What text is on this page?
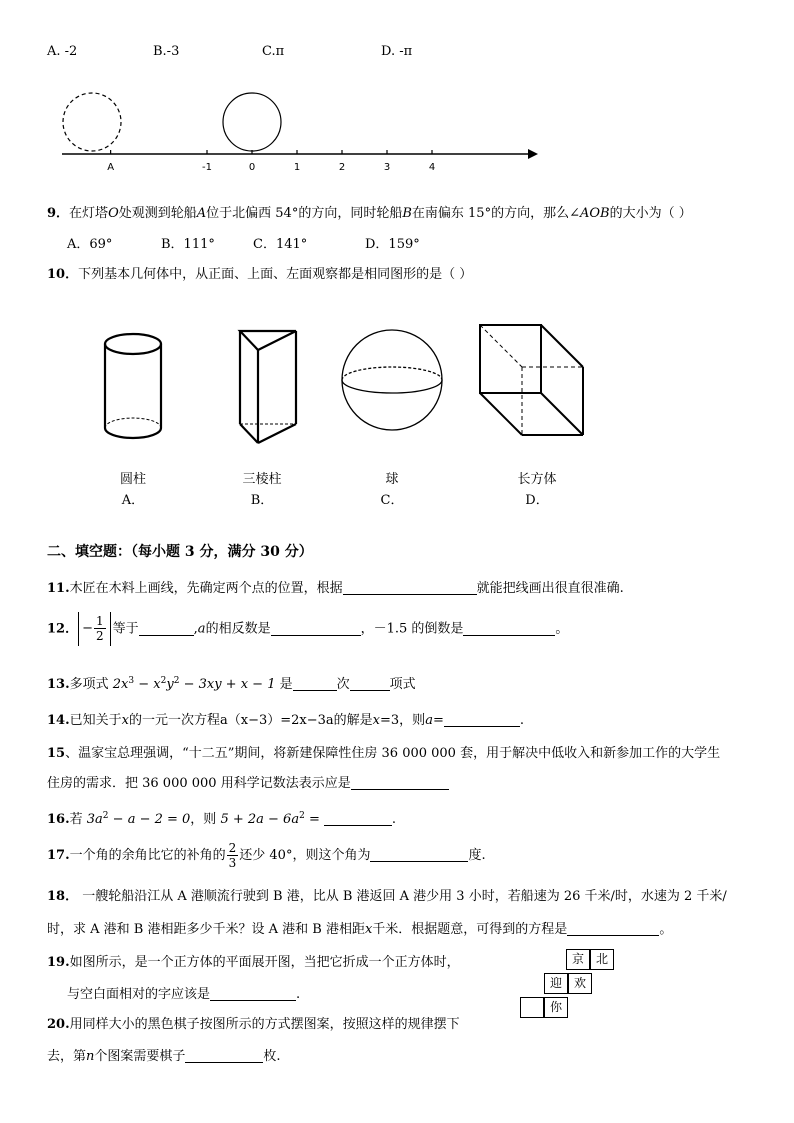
A. -2	B.-3	C.π	D. -π
A	-1	0	1	2	3	4
9．在灯塔O处观测到轮船A位于北偏西 54°的方向，同时轮船B在南偏东 15°的方向，那么∠AOB的大小为（ ）
A．69°	B．111°	C．141°	D．159°
10．下列基本几何体中，从正面、上面、左面观察都是相同图形的是（ ）
圆柱
A．
三棱柱
B．
球
C．
长方体
D．
二、填空题：（每小题 3 分，满分 30 分）
11.木匠在木料上画线，先确定两个点的位置，根据	就能把线画出很直很准确.
12． − $\frac{1}{2}$ 等于	,a的相反数是	，－1.5 的倒数是	。
13.多项式 $2x^3 - x^2y^2 - 3xy + x - 1$ 是	次	项式
14.已知关于x的一元一次方程a（x−3）=2x−3a的解是x=3，则a=	.
15、温家宝总理强调，“十二五”期间，将新建保障性住房 36 000 000 套，用于解决中低收入和新参加工作的大学生
住房的需求．把 36 000 000 用科学记数法表示应是
16.若 $3a^2 - a - 2 = 0$，则 $5 + 2a - 6a^2$ =	.
17.一个角的余角比它的补角的 $\frac{2}{3}$ 还少 40°，则这个角为	度.
18． 一艘轮船沿江从 A 港顺流行驶到 B 港，比从 B 港返回 A 港少用 3 小时，若船速为 26 千米/时，水速为 2 千米/
时，求 A 港和 B 港相距多少千米？设 A 港和 B 港相距x千米．根据题意，可得到的方程是	。
19.如图所示，是一个正方体的平面展开图，当把它折成一个正方体时，
与空白面相对的字应该是	.
京 北
迎 欢
你
20.用同样大小的黑色棋子按图所示的方式摆图案，按照这样的规律摆下
去，第n个图案需要棋子	枚.
